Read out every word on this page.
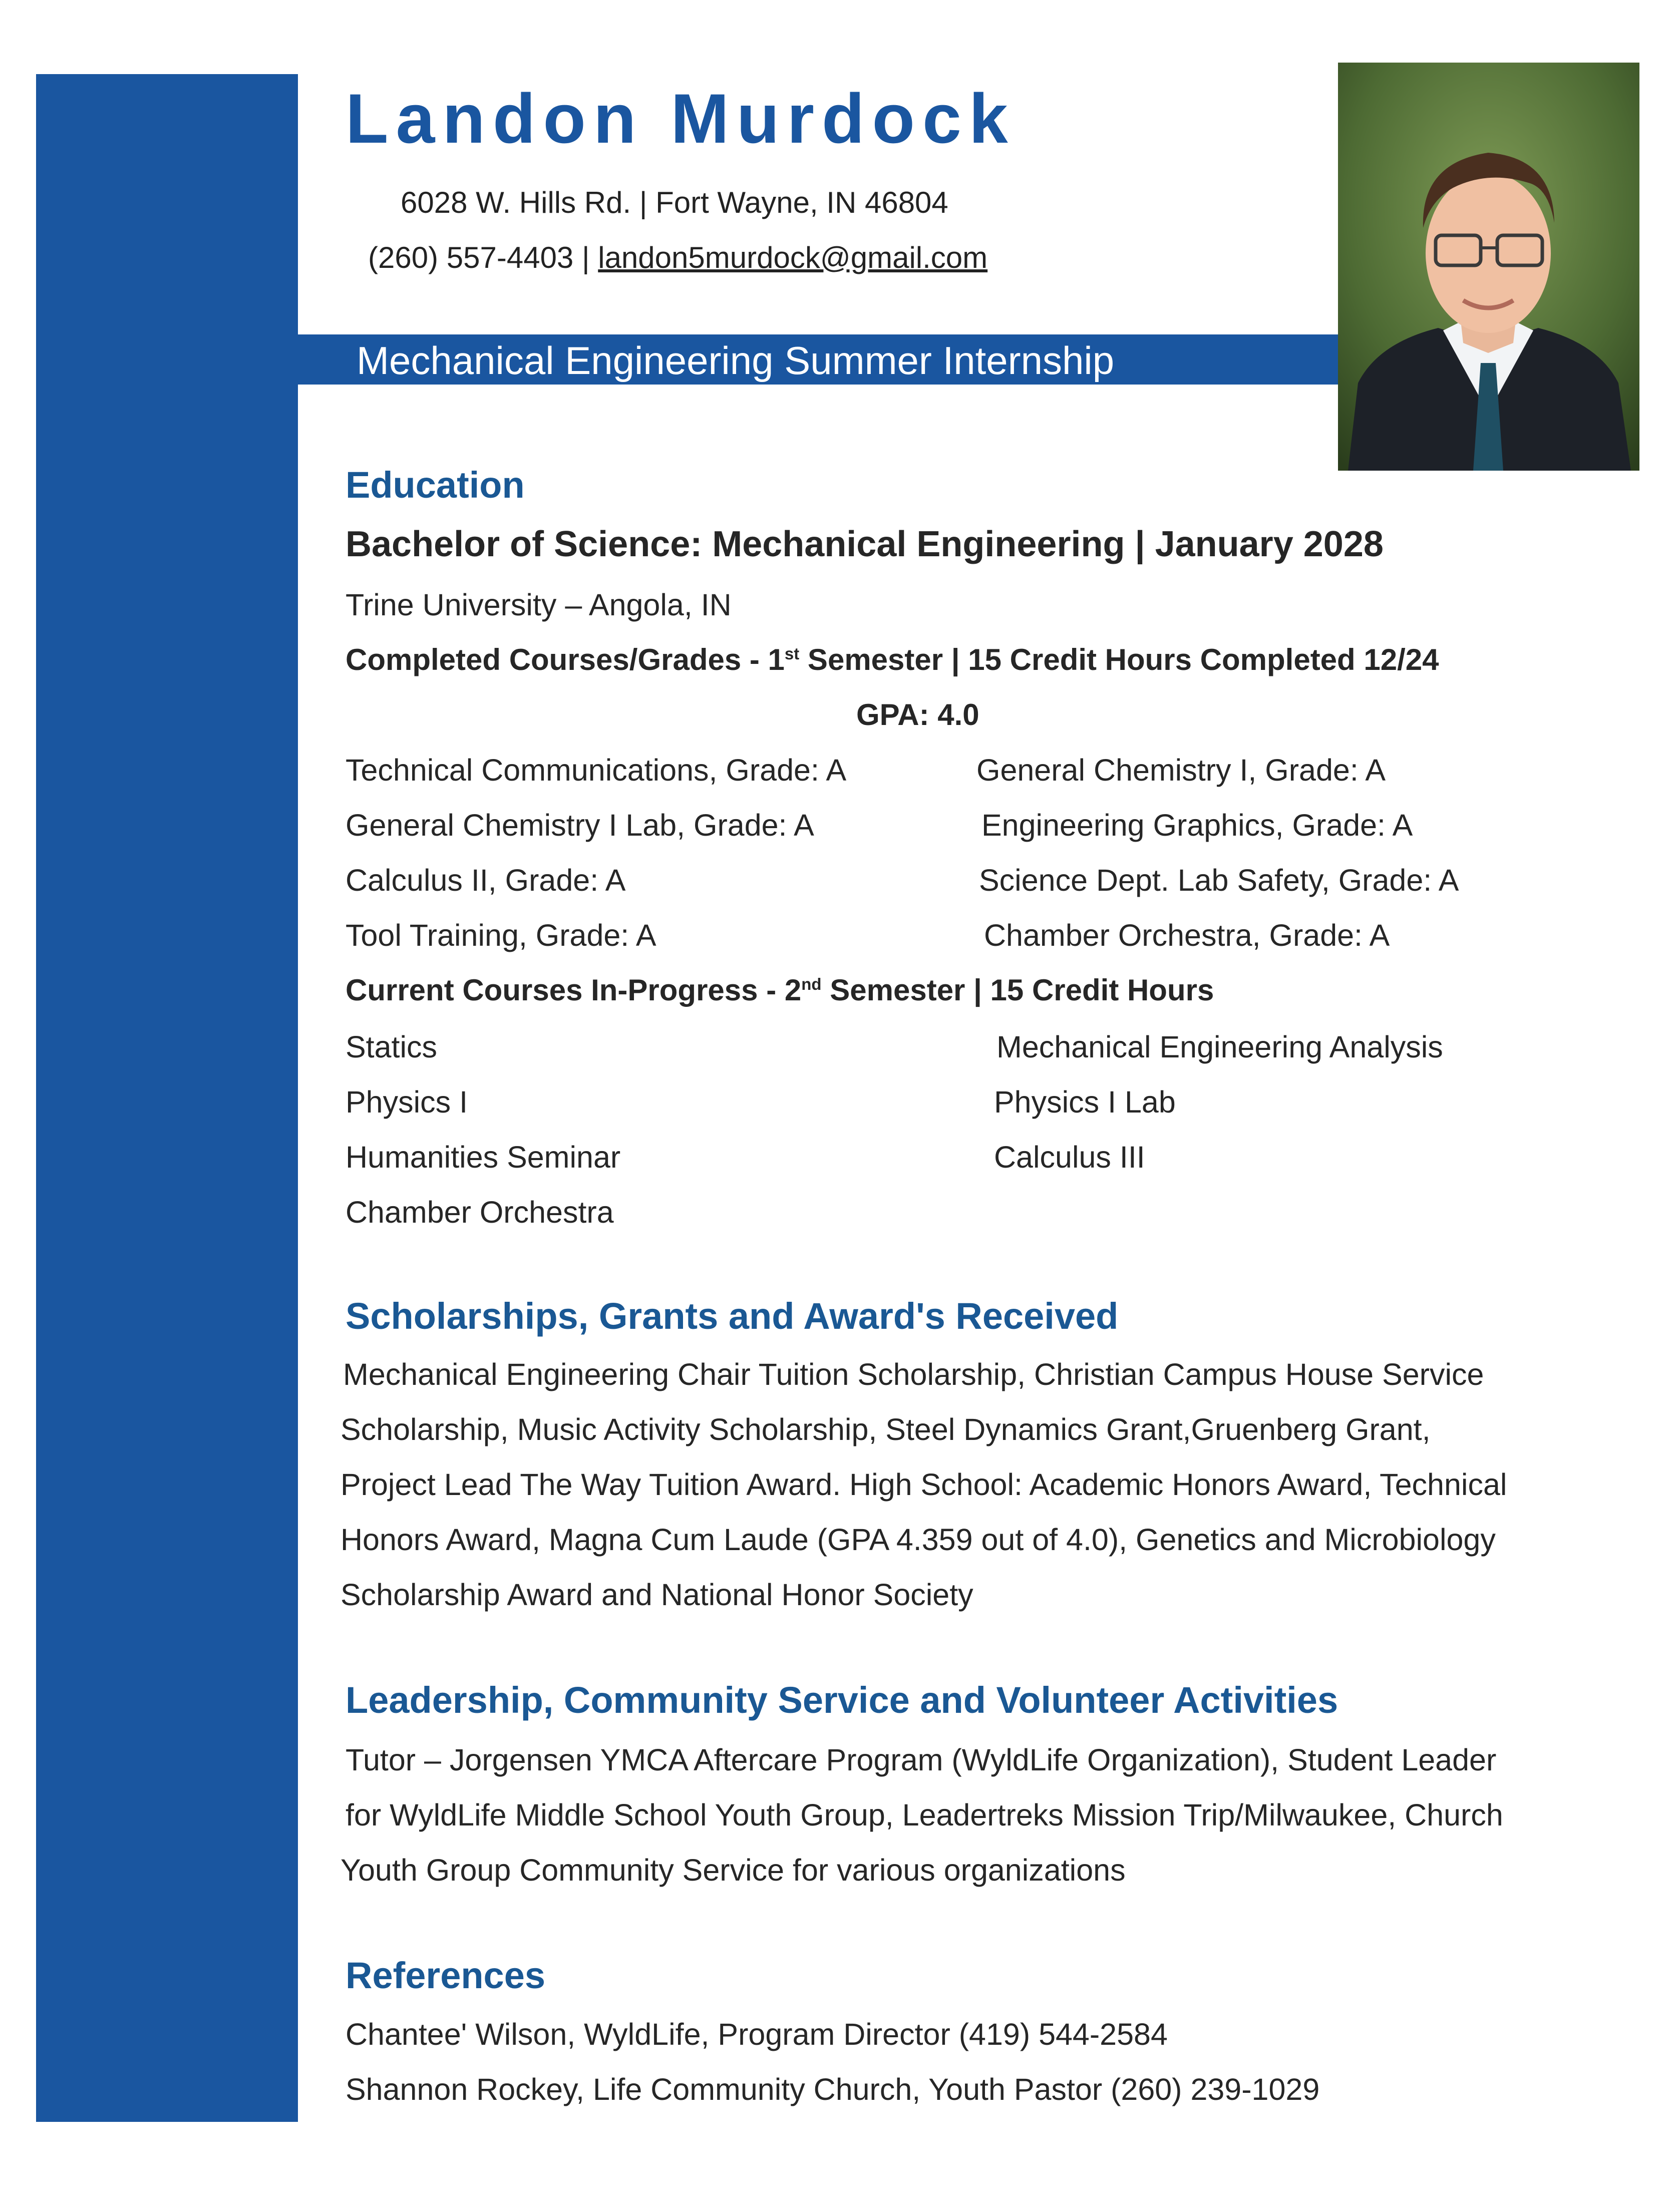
Mechanical Engineering Summer Internship
Landon Murdock
6028 W. Hills Rd. | Fort Wayne, IN 46804
(260) 557-4403 | landon5murdock@gmail.com
Education
Bachelor of Science: Mechanical Engineering | January 2028
Trine University – Angola, IN
Completed Courses/Grades - 1st Semester | 15 Credit Hours Completed 12/24
GPA: 4.0
Technical Communications, Grade: A	General Chemistry I, Grade: A
General Chemistry I Lab, Grade: A	Engineering Graphics, Grade: A
Calculus II, Grade: A	Science Dept. Lab Safety, Grade: A
Tool Training, Grade: A	Chamber Orchestra, Grade: A
Current Courses In-Progress - 2nd Semester | 15 Credit Hours
Statics	Mechanical Engineering Analysis
Physics I	Physics I Lab
Humanities Seminar	Calculus III
Chamber Orchestra
Scholarships, Grants and Award's Received
Mechanical Engineering Chair Tuition Scholarship, Christian Campus House Service
Scholarship, Music Activity Scholarship, Steel Dynamics Grant,Gruenberg Grant,
Project Lead The Way Tuition Award. High School: Academic Honors Award, Technical
Honors Award, Magna Cum Laude (GPA 4.359 out of 4.0), Genetics and Microbiology
Scholarship Award and National Honor Society
Leadership, Community Service and Volunteer Activities
Tutor – Jorgensen YMCA Aftercare Program (WyldLife Organization), Student Leader
for WyldLife Middle School Youth Group, Leadertreks Mission Trip/Milwaukee, Church
Youth Group Community Service for various organizations
References
Chantee' Wilson, WyldLife, Program Director (419) 544-2584
Shannon Rockey, Life Community Church, Youth Pastor (260) 239-1029
